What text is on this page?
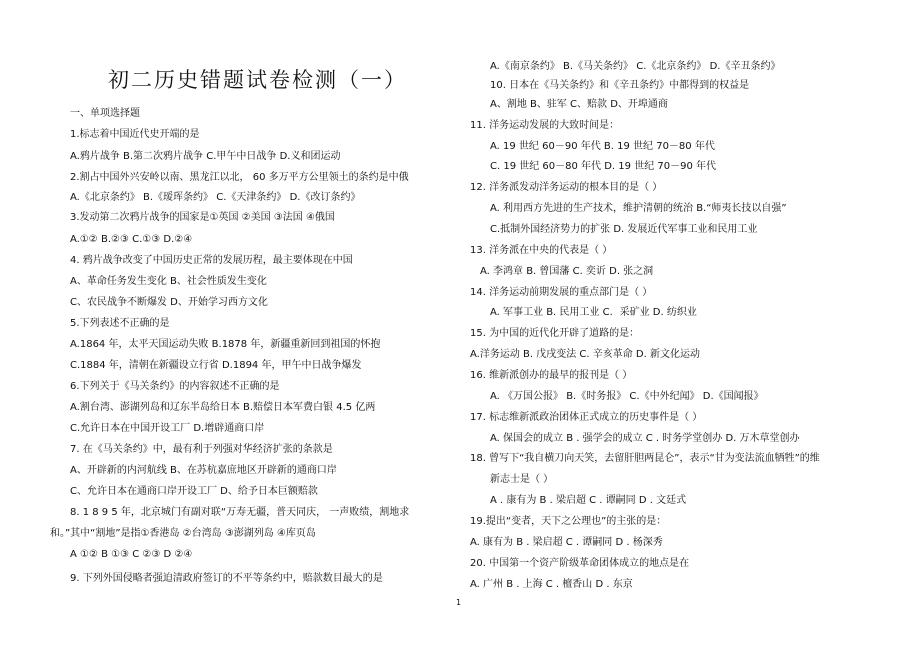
初二历史错题试卷检测（一）
一、单项选择题
1.标志着中国近代史开端的是
A.鸦片战争 B.第二次鸦片战争 C.甲午中日战争 D.义和团运动
2.割占中国外兴安岭以南、黑龙江以北， 60 多万平方公里领土的条约是中俄
A.《北京条约》 B.《瑷珲条约》 C.《天津条约》 D.《改订条约》
3.发动第二次鸦片战争的国家是①英国 ②美国 ③法国 ④俄国
A.①② B.②③ C.①③ D.②④
4. 鸦片战争改变了中国历史正常的发展历程，最主要体现在中国
A、革命任务发生变化 B、社会性质发生变化
C、农民战争不断爆发 D、开始学习西方文化
5.下列表述不正确的是
A.1864 年，太平天国运动失败 B.1878 年，新疆重新回到祖国的怀抱
C.1884 年，清朝在新疆设立行省 D.1894 年，甲午中日战争爆发
6.下列关于《马关条约》的内容叙述不正确的是
A.割台湾、澎湖列岛和辽东半岛给日本 B.赔偿日本军费白银 4.5 亿两
C.允许日本在中国开设工厂 D.增辟通商口岸
7. 在《马关条约》中，最有利于列强对华经济扩张的条款是
A、开辟新的内河航线 B、在苏杭嘉庶地区开辟新的通商口岸
C、允许日本在通商口岸开设工厂 D、给予日本巨额赔款
8. 1 8 9 5 年，北京城门有副对联“万寿无疆，普天同庆， 一声败绩，割地求
和。”其中“割地”是指①香港岛 ②台湾岛 ③澎湖列岛 ④库页岛
A ①② B ①③ C ②③ D ②④
9. 下列外国侵略者强迫清政府签订的不平等条约中，赔款数目最大的是
A.《南京条约》 B.《马关条约》 C.《北京条约》 D.《辛丑条约》
10. 日本在《马关条约》和《辛丑条约》中都得到的权益是
A、割地 B、驻军 C、赔款 D、开埠通商
11. 洋务运动发展的大致时间是：
A. 19 世纪 60－90 年代 B. 19 世纪 70－80 年代
C. 19 世纪 60－80 年代 D. 19 世纪 70－90 年代
12. 洋务派发动洋务运动的根本目的是（ ）
A. 利用西方先进的生产技术，维护清朝的统治 B.“师夷长技以自强”
C.抵制外国经济势力的扩张 D. 发展近代军事工业和民用工业
13. 洋务派在中央的代表是（ ）
A. 李鸿章 B. 曾国藩 C. 奕䜣 D. 张之洞
14. 洋务运动前期发展的重点部门是（ ）
A. 军事工业 B. 民用工业 C．采矿业 D. 纺织业
15. 为中国的近代化开辟了道路的是：
A.洋务运动 B. 戊戌变法 C. 辛亥革命 D. 新文化运动
16. 维新派创办的最早的报刊是（ ）
A. 《万国公报》 B.《时务报》 C.《中外纪闻》 D.《国闻报》
17. 标志维新派政治团体正式成立的历史事件是（ ）
A. 保国会的成立 B . 强学会的成立 C . 时务学堂创办 D. 万木草堂创办
18. 曾写下“我自横刀向天笑，去留肝胆两昆仑”，表示“甘为变法流血牺牲”的维
新志士是（ ）
A . 康有为 B . 梁启超 C . 谭嗣同 D . 文廷式
19.提出“变者，天下之公理也”的主张的是：
A. 康有为 B . 梁启超 C . 谭嗣同 D . 杨深秀
20. 中国第一个资产阶级革命团体成立的地点是在
A. 广州 B . 上海 C . 檀香山 D . 东京
1
